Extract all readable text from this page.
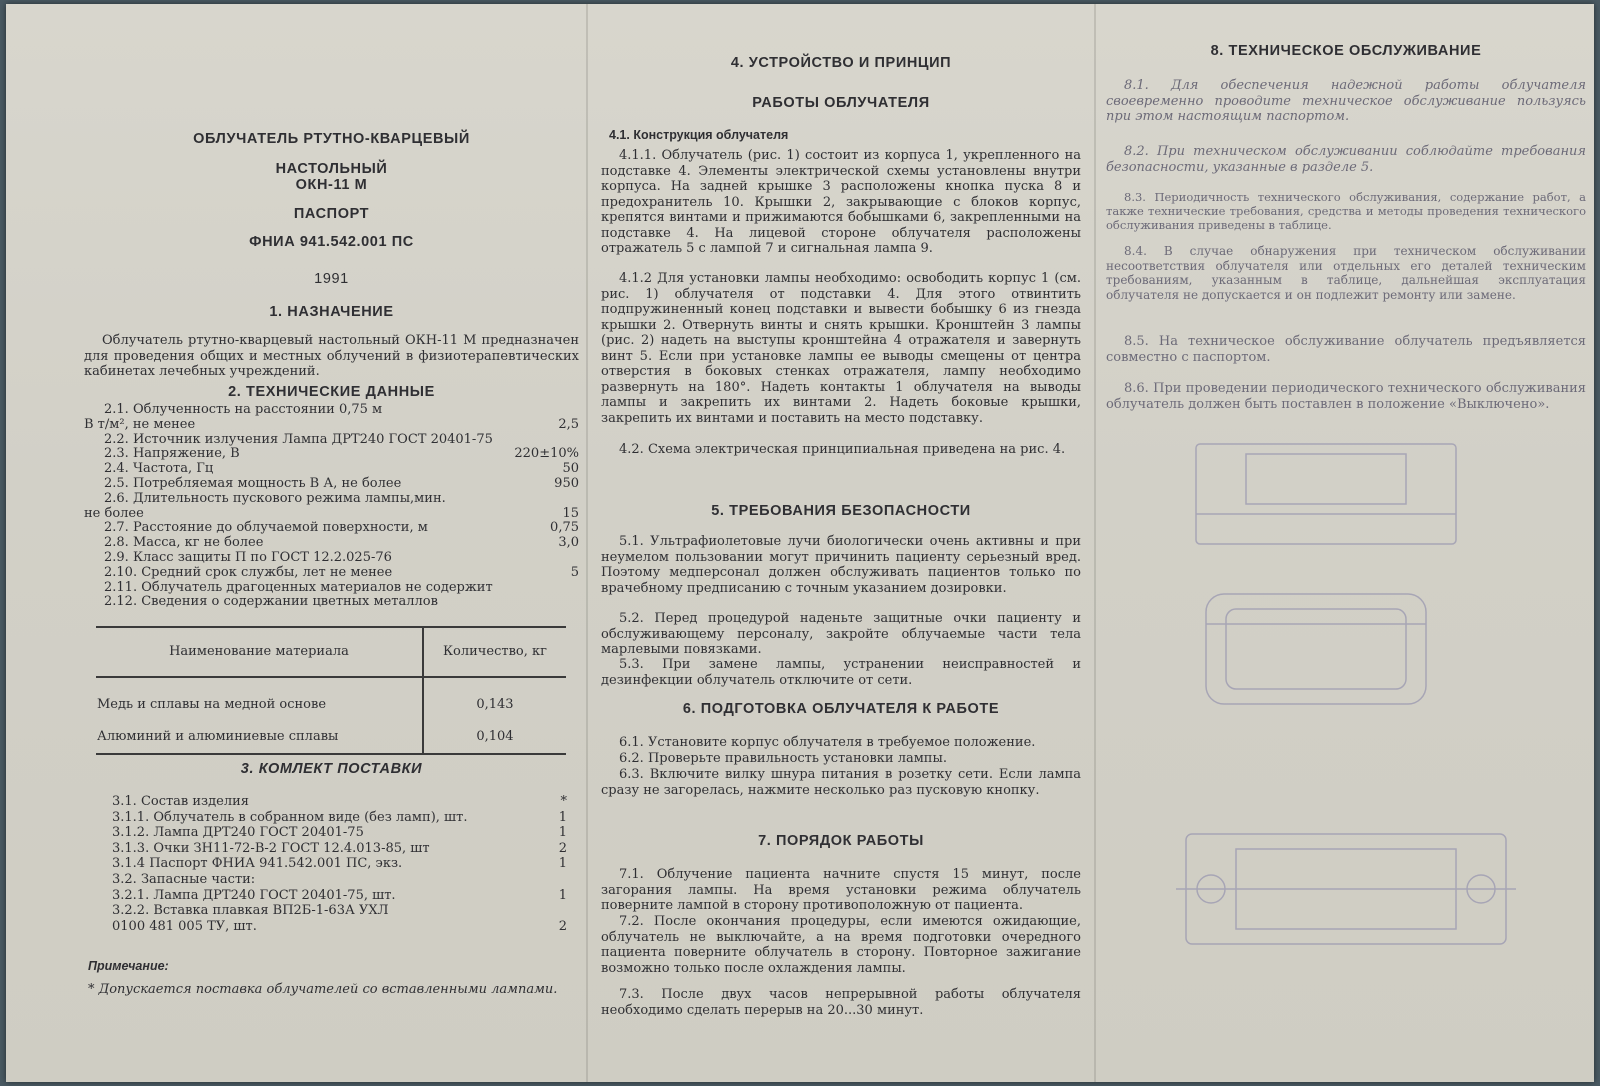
ОБЛУЧАТЕЛЬ РТУТНО-КВАРЦЕВЫЙ
НАСТОЛЬНЫЙ
ОКН-11 М
ПАСПОРТ
ФНИА 941.542.001 ПС
1991
1. НАЗНАЧЕНИЕ
Облучатель ртутно-кварцевый настольный ОКН-11 М предназначен для проведения общих и местных облучений в физиотерапевтических кабинетах лечебных учреждений.
2. ТЕХНИЧЕСКИЕ ДАННЫЕ
2.1. Облученность на расстоянии 0,75 м
В т/м², не менее	2,5
2.2. Источник излучения Лампа ДРТ240 ГОСТ 20401-75
2.3. Напряжение, В	220±10%
2.4. Частота, Гц	50
2.5. Потребляемая мощность В А, не более	950
2.6. Длительность пускового режима лампы,мин.
не более	15
2.7. Расстояние до облучаемой поверхности, м	0,75
2.8. Масса, кг не более	3,0
2.9. Класс защиты П по ГОСТ 12.2.025-76
2.10. Средний срок службы, лет не менее	5
2.11. Облучатель драгоценных материалов не содержит
2.12. Сведения о содержании цветных металлов
Наименование материала	Количество, кг
Медь и сплавы на медной основе	0,143
Алюминий и алюминиевые сплавы	0,104
3. КОМЛЕКТ ПОСТАВКИ
3.1. Состав изделия	*
3.1.1. Облучатель в собранном виде (без ламп), шт.	1
3.1.2. Лампа ДРТ240 ГОСТ 20401-75	1
3.1.3. Очки ЗН11-72-В-2 ГОСТ 12.4.013-85, шт	2
3.1.4 Паспорт ФНИА 941.542.001 ПС, экз.	1
3.2. Запасные части:
3.2.1. Лампа ДРТ240 ГОСТ 20401-75, шт.	1
3.2.2. Вставка плавкая ВП2Б-1-63А УХЛ
0100 481 005 ТУ, шт.	2
Примечание:
* Допускается поставка облучателей со вставленными лампами.
4. УСТРОЙСТВО И ПРИНЦИП
РАБОТЫ ОБЛУЧАТЕЛЯ
4.1. Конструкция облучателя
4.1.1. Облучатель (рис. 1) состоит из корпуса 1, укрепленного на подставке 4. Элементы электрической схемы установлены внутри корпуса. На задней крышке 3 расположены кнопка пуска 8 и предохранитель 10. Крышки 2, закрывающие с блоков корпус, крепятся винтами и прижимаются бобышками 6, закрепленными на подставке 4. На лицевой стороне облучателя расположены отражатель 5 с лампой 7 и сигнальная лампа 9.
4.1.2 Для установки лампы необходимо: освободить корпус 1 (см. рис. 1) облучателя от подставки 4. Для этого отвинтить подпружиненный конец подставки и вывести бобышку 6 из гнезда крышки 2. Отвернуть винты и снять крышки. Кронштейн 3 лампы (рис. 2) надеть на выступы кронштейна 4 отражателя и завернуть винт 5. Если при установке лампы ее выводы смещены от центра отверстия в боковых стенках отражателя, лампу необходимо развернуть на 180°. Надеть контакты 1 облучателя на выводы лампы и закрепить их винтами 2. Надеть боковые крышки, закрепить их винтами и поставить на место подставку.
4.2. Схема электрическая принципиальная приведена на рис. 4.
5. ТРЕБОВАНИЯ БЕЗОПАСНОСТИ
5.1. Ультрафиолетовые лучи биологически очень активны и при неумелом пользовании могут причинить пациенту серьезный вред. Поэтому медперсонал должен обслуживать пациентов только по врачебному предписанию с точным указанием дозировки.
5.2. Перед процедурой наденьте защитные очки пациенту и обслуживающему персоналу, закройте облучаемые части тела марлевыми повязками.
5.3. При замене лампы, устранении неисправностей и дезинфекции облучатель отключите от сети.
6. ПОДГОТОВКА ОБЛУЧАТЕЛЯ К РАБОТЕ
6.1. Установите корпус облучателя в требуемое положение.
6.2. Проверьте правильность установки лампы.
6.3. Включите вилку шнура питания в розетку сети. Если лампа сразу не загорелась, нажмите несколько раз пусковую кнопку.
7. ПОРЯДОК РАБОТЫ
7.1. Облучение пациента начните спустя 15 минут, после загорания лампы. На время установки режима облучатель поверните лампой в сторону противоположную от пациента.
7.2. После окончания процедуры, если имеются ожидающие, облучатель не выключайте, а на время подготовки очередного пациента поверните облучатель в сторону. Повторное зажигание возможно только после охлаждения лампы.
7.3. После двух часов непрерывной работы облучателя необходимо сделать перерыв на 20...30 минут.
8. ТЕХНИЧЕСКОЕ ОБСЛУЖИВАНИЕ
8.1. Для обеспечения надежной работы облучателя своевременно проводите техническое обслуживание пользуясь при этом настоящим паспортом.
8.2. При техническом обслуживании соблюдайте требования безопасности, указанные в разделе 5.
8.3. Периодичность технического обслуживания, содержание работ, а также технические требования, средства и методы проведения технического обслуживания приведены в таблице.
8.4. В случае обнаружения при техническом обслуживании несоответствия облучателя или отдельных его деталей техническим требованиям, указанным в таблице, дальнейшая эксплуатация облучателя не допускается и он подлежит ремонту или замене.
8.5. На техническое обслуживание облучатель предъявляется совместно с паспортом.
8.6. При проведении периодического технического обслуживания облучатель должен быть поставлен в положение «Выключено».
